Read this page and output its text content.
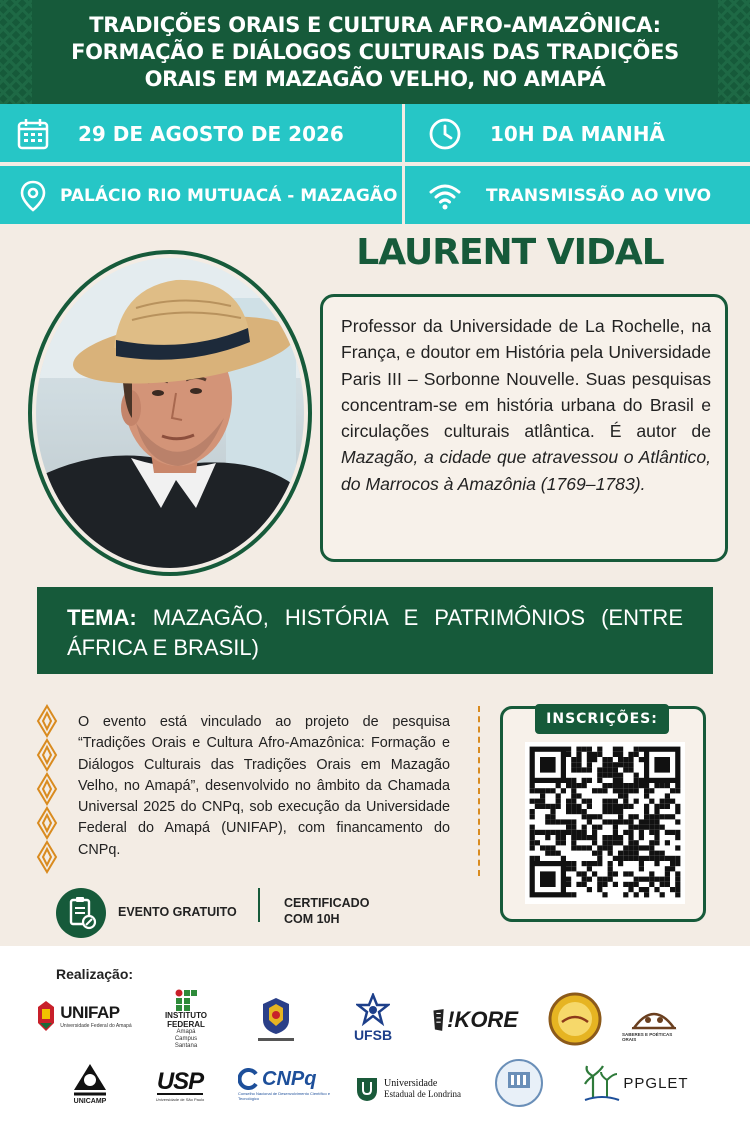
TRADIÇÕES ORAIS E CULTURA AFRO-AMAZÔNICA: FORMAÇÃO E DIÁLOGOS CULTURAIS DAS TRADIÇÕES ORAIS EM MAZAGÃO VELHO, NO AMAPÁ
29 DE AGOSTO DE 2026	10H DA MANHÃ
PALÁCIO RIO MUTUACÁ - MAZAGÃO	TRANSMISSÃO AO VIVO
LAURENT VIDAL

Professor da Universidade de La Rochelle, na França, e doutor em História pela Universidade Paris III – Sorbonne Nouvelle. Suas pesquisas concentram-se em história urbana do Brasil e circulações culturais atlântica. É autor de Mazagão, a cidade que atravessou o Atlântico, do Marrocos à Amazônia (1769–1783).

TEMA: MAZAGÃO, HISTÓRIA E PATRIMÔNIOS (ENTRE ÁFRICA E BRASIL)

O evento está vinculado ao projeto de pesquisa “Tradições Orais e Cultura Afro-Amazônica: Formação e Diálogos Culturais das Tradições Orais em Mazagão Velho, no Amapá”, desenvolvido no âmbito da Chamada Universal 2025 do CNPq, sob execução da Universidade Federal do Amapá (UNIFAP), com financamento do CNPq.

INSCRIÇÕES:
EVENTO GRATUITO
CERTIFICADO
COM 10H
Realização:
UNIFAP
Universidade Federal do Amapá
INSTITUTO
FEDERAL
Amapá
Campus
Santana
UFSB
!KORE
SABERES E POÉTICAS ORAIS
UNICAMP
USP
Universidade de São Paulo
CNPq
Conselho Nacional de Desenvolvimento Científico e Tecnológico
Universidade
Estadual de Londrina
PPGLET
